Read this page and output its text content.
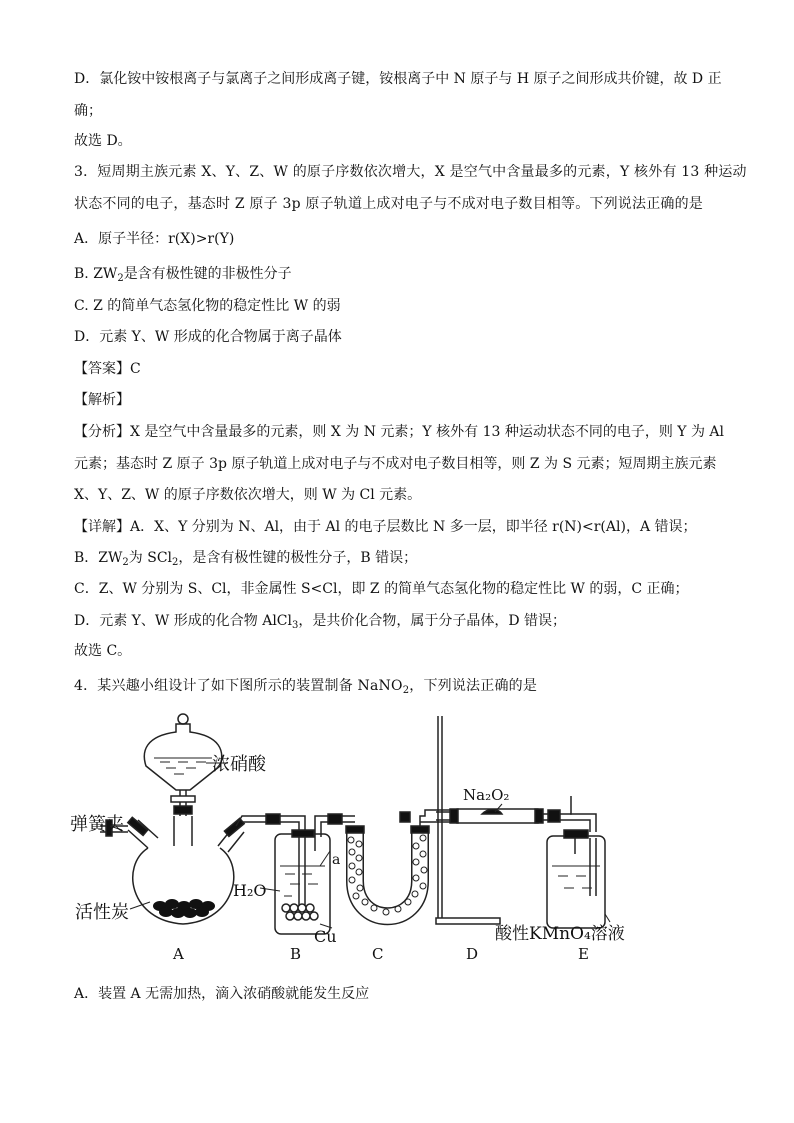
D．氯化铵中铵根离子与氯离子之间形成离子键，铵根离子中 N 原子与 H 原子之间形成共价键，故 D 正
确；
故选 D。
3．短周期主族元素 X、Y、Z、W 的原子序数依次增大，X 是空气中含量最多的元素，Y 核外有 13 种运动
状态不同的电子，基态时 Z 原子 3p 原子轨道上成对电子与不成对电子数目相等。下列说法正确的是
A．原子半径：r(X)>r(Y)
B. $ZW_2$是含有极性键的非极性分子
C. Z 的简单气态氢化物的稳定性比 W 的弱
D．元素 Y、W 形成的化合物属于离子晶体
【答案】C
【解析】
【分析】X 是空气中含量最多的元素，则 X 为 N 元素；Y 核外有 13 种运动状态不同的电子，则 Y 为 Al
元素；基态时 Z 原子 3p 原子轨道上成对电子与不成对电子数目相等，则 Z 为 S 元素；短周期主族元素
X、Y、Z、W 的原子序数依次增大，则 W 为 Cl 元素。
【详解】A．X、Y 分别为 N、Al，由于 Al 的电子层数比 N 多一层，即半径 r(N)<r(Al)，A 错误；
B．$ZW_2$为 SCl$_2$，是含有极性键的极性分子，B 错误；
C．Z、W 分别为 S、Cl，非金属性 S<Cl，即 Z 的简单气态氢化物的稳定性比 W 的弱，C 正确；
D．元素 Y、W 形成的化合物 AlCl$_3$，是共价化合物，属于分子晶体，D 错误；
故选 C。
4．某兴趣小组设计了如下图所示的装置制备 NaNO$_2$，下列说法正确的是
浓硝酸
弹簧夹
活性炭
H₂O
a
Cu
Na₂O₂
酸性KMnO₄溶液
A	B	C	D	E
A．装置 A 无需加热，滴入浓硝酸就能发生反应
